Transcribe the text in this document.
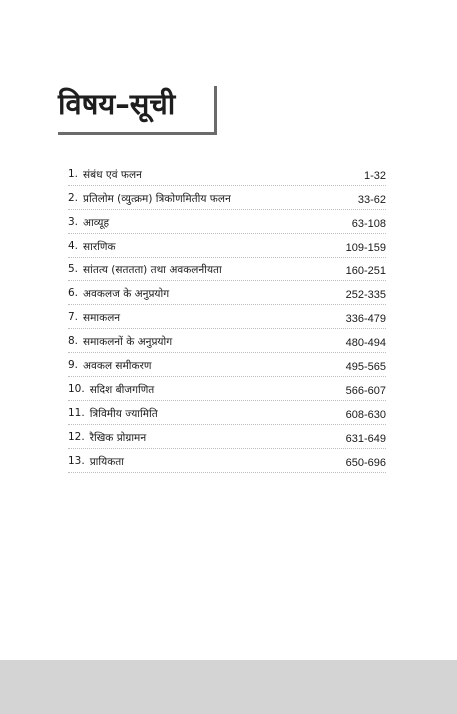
विषय–सूची
1. संबंध एवं फलन	1-32
2. प्रतिलोम (व्युत्क्रम) त्रिकोणमितीय फलन	33-62
3. आव्यूह	63-108
4. सारणिक	109-159
5. सांतत्य (सततता) तथा अवकलनीयता	160-251
6. अवकलज के अनुप्रयोग	252-335
7. समाकलन	336-479
8. समाकलनों के अनुप्रयोग	480-494
9. अवकल समीकरण	495-565
10. सदिश बीजगणित	566-607
11. त्रिविमीय ज्यामिति	608-630
12. रैखिक प्रोग्रामन	631-649
13. प्रायिकता	650-696
